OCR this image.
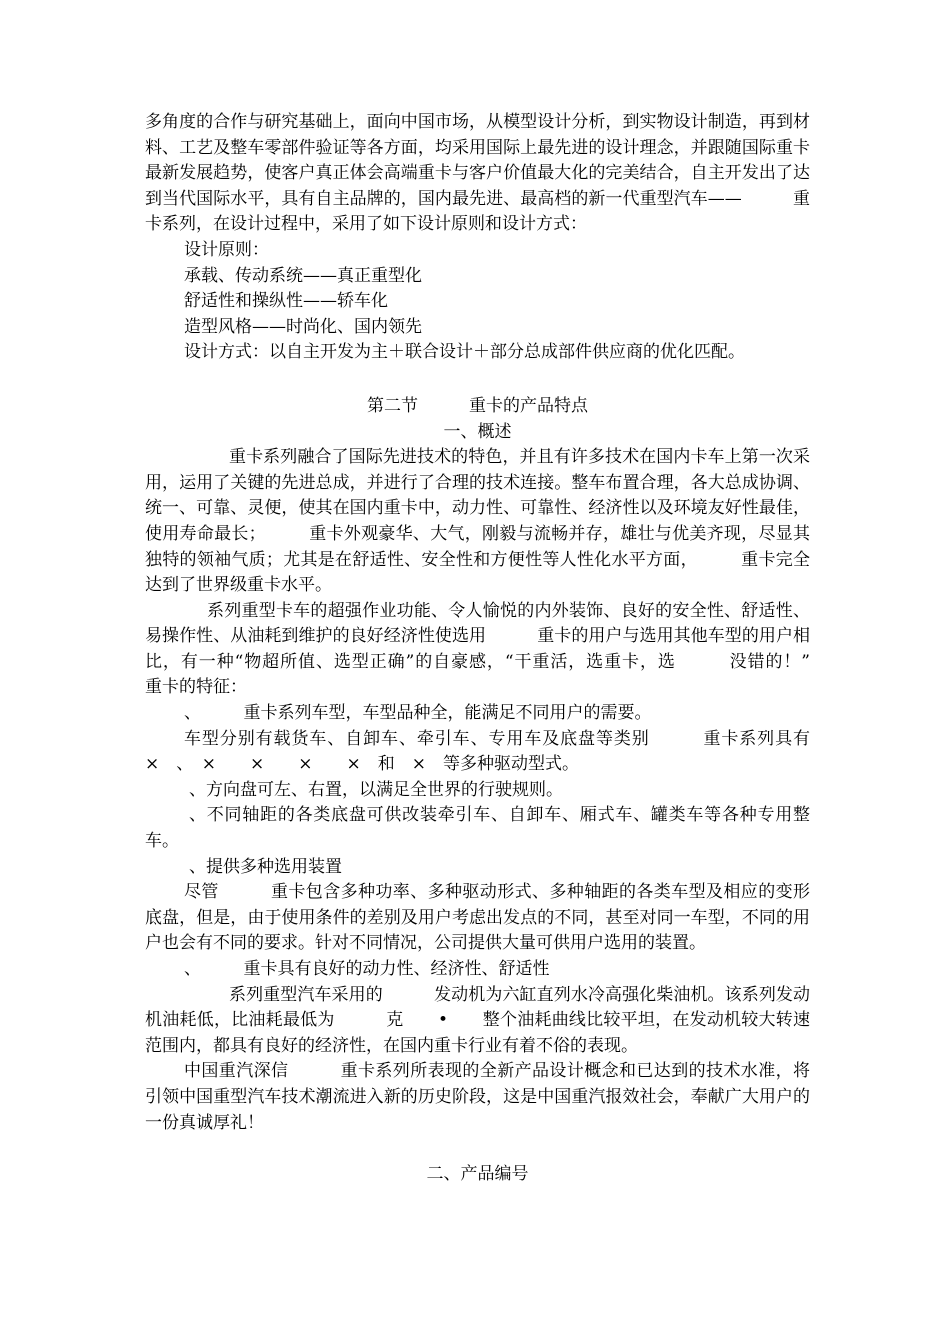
多角度的合作与研究基础上，面向中国市场，从模型设计分析，到实物设计制造，再到材料、工艺及整车零部件验证等各方面，均采用国际上最先进的设计理念，并跟随国际重卡最新发展趋势，使客户真正体会高端重卡与客户价值最大化的完美结合，自主开发出了达到当代国际水平，具有自主品牌的，国内最先进、最高档的新一代重型汽车——　　　重卡系列，在设计过程中，采用了如下设计原则和设计方式：

设计原则：

承载、传动系统——真正重型化

舒适性和操纵性——轿车化

造型风格——时尚化、国内领先

设计方式：以自主开发为主＋联合设计＋部分总成部件供应商的优化匹配。

第二节　　　重卡的产品特点

一、概述

重卡系列融合了国际先进技术的特色，并且有许多技术在国内卡车上第一次采用，运用了关键的先进总成，并进行了合理的技术连接。整车布置合理，各大总成协调、统一、可靠、灵便，使其在国内重卡中，动力性、可靠性、经济性以及环境友好性最佳，使用寿命最长；　　　重卡外观豪华、大气，刚毅与流畅并存，雄壮与优美齐现，尽显其独特的领袖气质；尤其是在舒适性、安全性和方便性等人性化水平方面，　　　重卡完全达到了世界级重卡水平。

系列重型卡车的超强作业功能、令人愉悦的内外装饰、良好的安全性、舒适性、易操作性、从油耗到维护的良好经济性使选用　　　重卡的用户与选用其他车型的用户相比，有一种“物超所值、选型正确”的自豪感，“干重活，选重卡，选　　　没错的！”　　　重卡的特征：

、　　　重卡系列车型，车型品种全，能满足不同用户的需要。

车型分别有载货车、自卸车、牵引车、专用车及底盘等类别　　　重卡系列具有　×　、　×　　×　　×　　×　和　×　等多种驱动型式。

、方向盘可左、右置，以满足全世界的行驶规则。

、不同轴距的各类底盘可供改装牵引车、自卸车、厢式车、罐类车等各种专用整车。

、提供多种选用装置

尽管　　　重卡包含多种功率、多种驱动形式、多种轴距的各类车型及相应的变形底盘，但是，由于使用条件的差别及用户考虑出发点的不同，甚至对同一车型，不同的用户也会有不同的要求。针对不同情况，公司提供大量可供用户选用的装置。

、　　　重卡具有良好的动力性、经济性、舒适性

系列重型汽车采用的　　　发动机为六缸直列水冷高强化柴油机。该系列发动机油耗低，比油耗最低为　　　克　　•　　整个油耗曲线比较平坦，在发动机较大转速范围内，都具有良好的经济性，在国内重卡行业有着不俗的表现。

中国重汽深信　　　重卡系列所表现的全新产品设计概念和已达到的技术水准，将引领中国重型汽车技术潮流进入新的历史阶段，这是中国重汽报效社会，奉献广大用户的一份真诚厚礼！

二、产品编号
